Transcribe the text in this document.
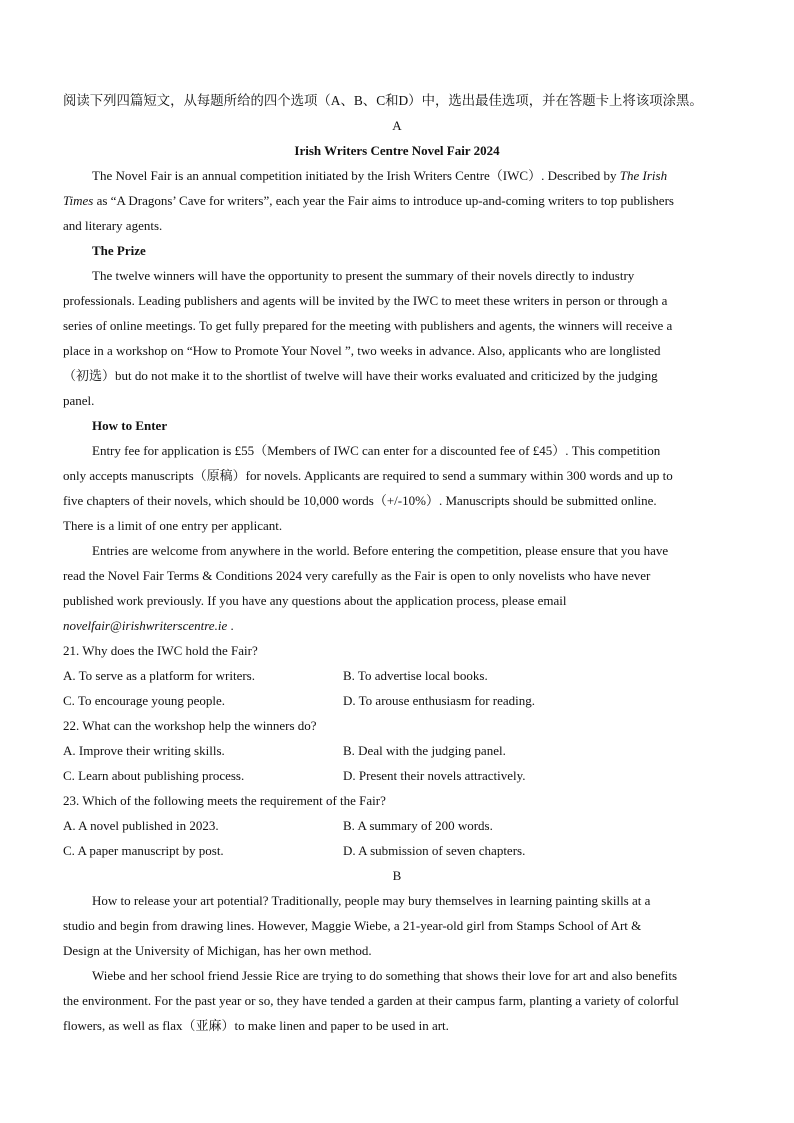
阅读下列四篇短文，从每题所给的四个选项（A、B、C和D）中，选出最佳选项，并在答题卡上将该项涂黑。
A
Irish Writers Centre Novel Fair 2024
The Novel Fair is an annual competition initiated by the Irish Writers Centre（IWC）. Described by The Irish
Times as “A Dragons’ Cave for writers”, each year the Fair aims to introduce up-and-coming writers to top publishers
and literary agents.
The Prize
The twelve winners will have the opportunity to present the summary of their novels directly to industry
professionals. Leading publishers and agents will be invited by the IWC to meet these writers in person or through a
series of online meetings. To get fully prepared for the meeting with publishers and agents, the winners will receive a
place in a workshop on “How to Promote Your Novel ”, two weeks in advance. Also, applicants who are longlisted
（初选）but do not make it to the shortlist of twelve will have their works evaluated and criticized by the judging
panel.
How to Enter
Entry fee for application is £55（Members of IWC can enter for a discounted fee of £45）. This competition
only accepts manuscripts（原稿）for novels. Applicants are required to send a summary within 300 words and up to
five chapters of their novels, which should be 10,000 words（+/-10%）. Manuscripts should be submitted online.
There is a limit of one entry per applicant.
Entries are welcome from anywhere in the world. Before entering the competition, please ensure that you have
read the Novel Fair Terms & Conditions 2024 very carefully as the Fair is open to only novelists who have never
published work previously. If you have any questions about the application process, please email
novelfair@irishwriterscentre.ie .
21. Why does the IWC hold the Fair?
A. To serve as a platform for writers.	B. To advertise local books.
C. To encourage young people.	D. To arouse enthusiasm for reading.
22. What can the workshop help the winners do?
A. Improve their writing skills.	B. Deal with the judging panel.
C. Learn about publishing process.	D. Present their novels attractively.
23. Which of the following meets the requirement of the Fair?
A. A novel published in 2023.	B. A summary of 200 words.
C. A paper manuscript by post.	D. A submission of seven chapters.
B
How to release your art potential? Traditionally, people may bury themselves in learning painting skills at a
studio and begin from drawing lines. However, Maggie Wiebe, a 21-year-old girl from Stamps School of Art &
Design at the University of Michigan, has her own method.
Wiebe and her school friend Jessie Rice are trying to do something that shows their love for art and also benefits
the environment. For the past year or so, they have tended a garden at their campus farm, planting a variety of colorful
flowers, as well as flax（亚麻）to make linen and paper to be used in art.
